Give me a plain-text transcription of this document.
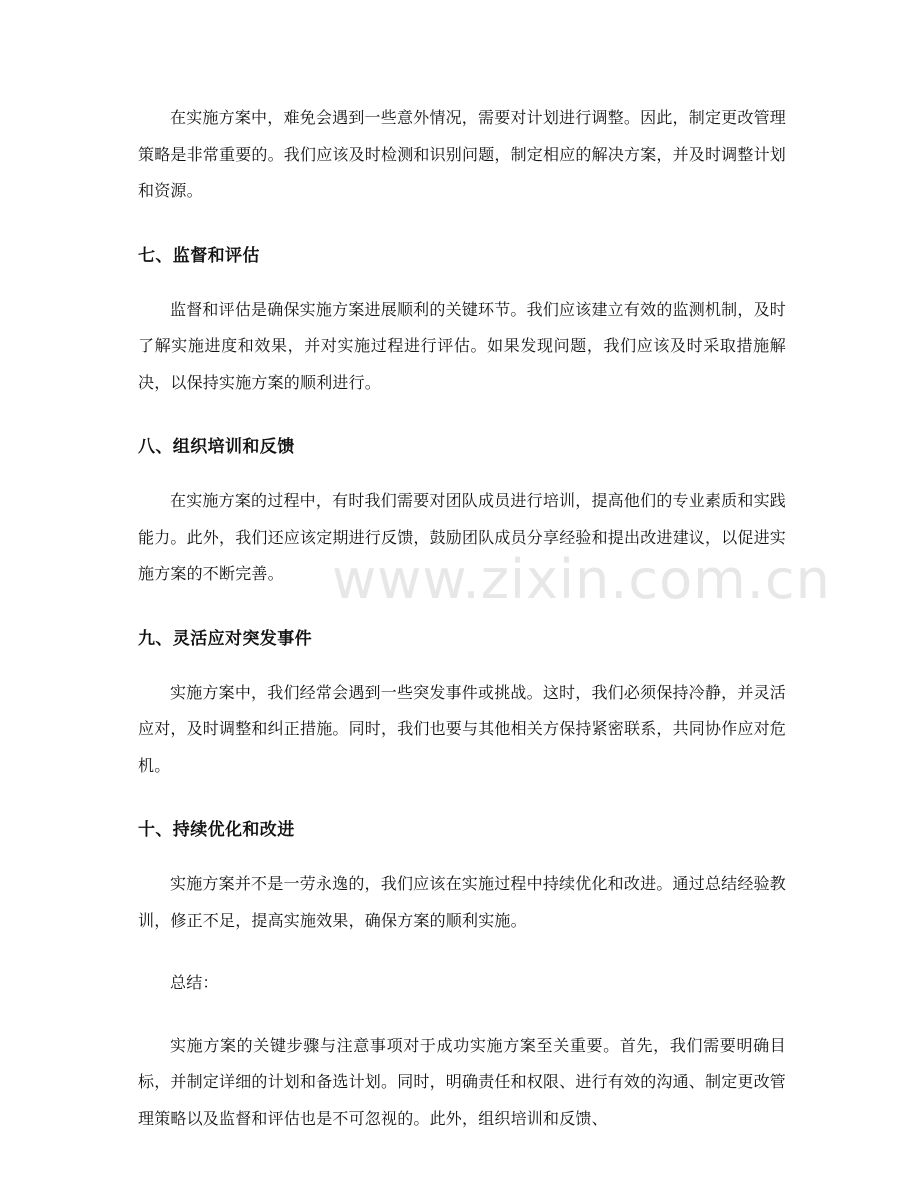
www.zixin.com.cn

在实施方案中，难免会遇到一些意外情况，需要对计划进行调整。因此，制定更改管理策略是非常重要的。我们应该及时检测和识别问题，制定相应的解决方案，并及时调整计划和资源。

七、监督和评估

监督和评估是确保实施方案进展顺利的关键环节。我们应该建立有效的监测机制，及时了解实施进度和效果，并对实施过程进行评估。如果发现问题，我们应该及时采取措施解决，以保持实施方案的顺利进行。

八、组织培训和反馈

在实施方案的过程中，有时我们需要对团队成员进行培训，提高他们的专业素质和实践能力。此外，我们还应该定期进行反馈，鼓励团队成员分享经验和提出改进建议，以促进实施方案的不断完善。

九、灵活应对突发事件

实施方案中，我们经常会遇到一些突发事件或挑战。这时，我们必须保持冷静，并灵活应对，及时调整和纠正措施。同时，我们也要与其他相关方保持紧密联系，共同协作应对危机。

十、持续优化和改进

实施方案并不是一劳永逸的，我们应该在实施过程中持续优化和改进。通过总结经验教训，修正不足，提高实施效果，确保方案的顺利实施。

总结：

实施方案的关键步骤与注意事项对于成功实施方案至关重要。首先，我们需要明确目标，并制定详细的计划和备选计划。同时，明确责任和权限、进行有效的沟通、制定更改管理策略以及监督和评估也是不可忽视的。此外，组织培训和反馈、
